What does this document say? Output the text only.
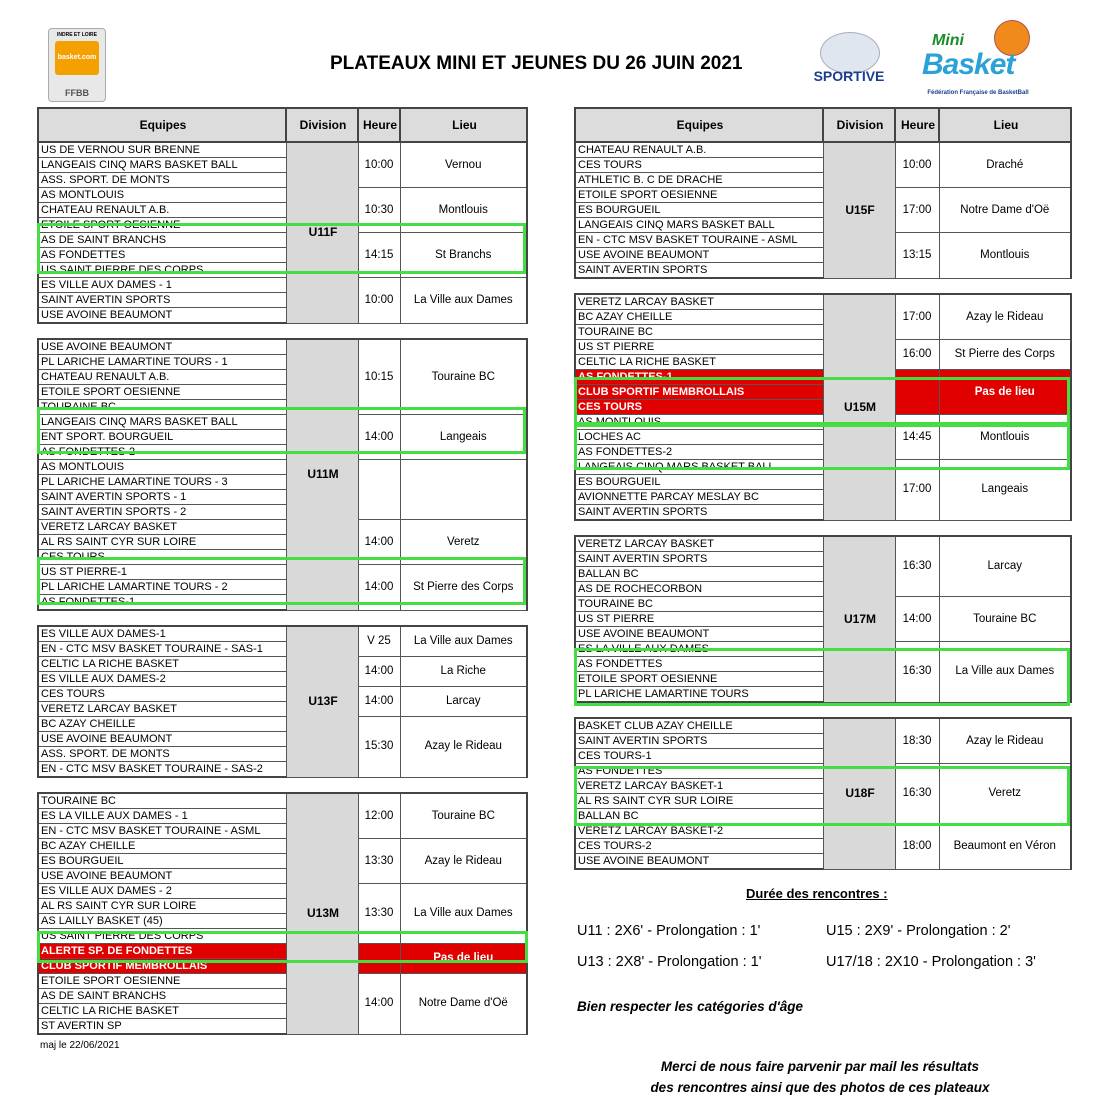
INDRE ET LOIRE
basket.com
FFBB
PLATEAUX MINI ET JEUNES DU 26 JUIN 2021
SPORTIVE
Mini
Basket
Fédération Française de BasketBall
Equipes	Division	Heure	Lieu
US DE VERNOU SUR BRENNE	U11F	10:00	Vernou
LANGEAIS CINQ MARS BASKET BALL			
ASS. SPORT. DE MONTS			
AS MONTLOUIS		10:30	Montlouis
CHATEAU RENAULT A.B.			
ETOILE SPORT OESIENNE			
AS DE SAINT BRANCHS		14:15	St Branchs
AS FONDETTES			
US SAINT PIERRE DES CORPS			
ES VILLE AUX DAMES - 1		10:00	La Ville aux Dames
SAINT AVERTIN SPORTS			
USE AVOINE BEAUMONT			

USE AVOINE BEAUMONT	U11M	10:15	Touraine BC
PL LARICHE LAMARTINE TOURS - 1			
CHATEAU RENAULT A.B.			
ETOILE SPORT OESIENNE			
TOURAINE BC			
LANGEAIS CINQ MARS BASKET BALL		14:00	Langeais
ENT SPORT. BOURGUEIL			
AS FONDETTES-2			
AS MONTLOUIS			
PL LARICHE LAMARTINE TOURS - 3			
SAINT AVERTIN SPORTS - 1			
SAINT AVERTIN SPORTS - 2			
VERETZ LARCAY BASKET		14:00	Veretz
AL RS SAINT CYR SUR LOIRE			
CES TOURS			
US ST PIERRE-1		14:00	St Pierre des Corps
PL LARICHE LAMARTINE TOURS - 2			
AS FONDETTES-1			

ES VILLE AUX DAMES-1	U13F	V 25	La Ville aux Dames
EN - CTC MSV BASKET TOURAINE - SAS-1			
CELTIC LA RICHE BASKET		14:00	La Riche
ES VILLE AUX DAMES-2			
CES TOURS		14:00	Larcay
VERETZ LARCAY BASKET			
BC AZAY CHEILLE		15:30	Azay le Rideau
USE AVOINE BEAUMONT			
ASS. SPORT. DE MONTS			
EN - CTC MSV BASKET TOURAINE - SAS-2			

TOURAINE BC	U13M	12:00	Touraine BC
ES LA VILLE AUX DAMES - 1			
EN - CTC MSV BASKET TOURAINE - ASML			
BC AZAY CHEILLE		13:30	Azay le Rideau
ES BOURGUEIL			
USE AVOINE BEAUMONT			
ES VILLE AUX DAMES - 2		13:30	La Ville aux Dames
AL RS SAINT CYR SUR LOIRE			
AS LAILLY BASKET (45)			
US SAINT PIERRE DES CORPS			
ALERTE SP. DE FONDETTES			Pas de lieu
CLUB SPORTIF MEMBROLLAIS			
ETOILE SPORT OESIENNE		14:00	Notre Dame d'Oë
AS DE SAINT BRANCHS			
CELTIC LA RICHE BASKET			
ST AVERTIN SP			
Equipes	Division	Heure	Lieu
CHATEAU RENAULT A.B.	U15F	10:00	Draché
CES TOURS			
ATHLETIC B. C DE DRACHE			
ETOILE SPORT OESIENNE		17:00	Notre Dame d'Oë
ES BOURGUEIL			
LANGEAIS CINQ MARS BASKET BALL			
EN - CTC MSV BASKET TOURAINE - ASML		13:15	Montlouis
USE AVOINE BEAUMONT			
SAINT AVERTIN SPORTS			

VERETZ LARCAY BASKET	U15M	17:00	Azay le Rideau
BC AZAY CHEILLE			
TOURAINE BC			
US ST PIERRE		16:00	St Pierre des Corps
CELTIC LA RICHE BASKET			
AS FONDETTES-1			Pas de lieu
CLUB SPORTIF MEMBROLLAIS			
CES TOURS			
AS MONTLOUIS		14:45	Montlouis
LOCHES AC			
AS FONDETTES-2			
LANGEAIS CINQ MARS BASKET BALL		17:00	Langeais
ES BOURGUEIL			
AVIONNETTE PARCAY MESLAY BC			
SAINT AVERTIN SPORTS			

VERETZ LARCAY BASKET	U17M	16:30	Larcay
SAINT AVERTIN SPORTS			
BALLAN BC			
AS DE ROCHECORBON			
TOURAINE BC		14:00	Touraine BC
US ST PIERRE			
USE AVOINE BEAUMONT			
ES LA VILLE AUX DAMES		16:30	La Ville aux Dames
AS FONDETTES			
ETOILE SPORT OESIENNE			
PL LARICHE LAMARTINE TOURS			

BASKET CLUB AZAY CHEILLE	U18F	18:30	Azay le Rideau
SAINT AVERTIN SPORTS			
CES TOURS-1			
AS FONDETTES		16:30	Veretz
VERETZ LARCAY BASKET-1			
AL RS SAINT CYR SUR LOIRE			
BALLAN BC			
VERETZ LARCAY BASKET-2		18:00	Beaumont en Véron
CES TOURS-2			
USE AVOINE BEAUMONT			
Durée des rencontres :
U11 : 2X6' - Prolongation : 1'	U15 : 2X9' - Prolongation : 2'
U13 : 2X8' - Prolongation : 1'	U17/18 : 2X10 - Prolongation : 3'
Bien respecter les catégories d'âge
maj le 22/06/2021
Merci de nous faire parvenir par mail les résultats
des rencontres ainsi que des photos de ces plateaux
